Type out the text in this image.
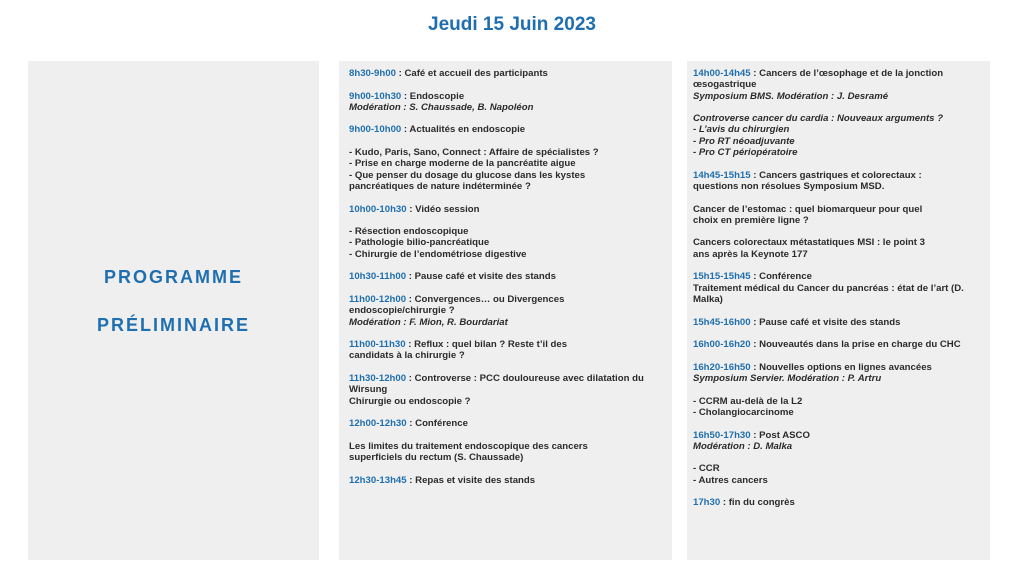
Jeudi 15 Juin 2023
PROGRAMME
PRÉLIMINAIRE
8h30-9h00 : Café et accueil des participants
9h00-10h30 : Endoscopie
Modération : S. Chaussade, B. Napoléon
9h00-10h00 : Actualités en endoscopie
- Kudo, Paris, Sano, Connect : Affaire de spécialistes ?
- Prise en charge moderne de la pancréatite aigue
- Que penser du dosage du glucose dans les kystes
pancréatiques de nature indéterminée ?
10h00-10h30 : Vidéo session
- Résection endoscopique
- Pathologie bilio-pancréatique
- Chirurgie de l’endométriose digestive
10h30-11h00 : Pause café et visite des stands
11h00-12h00 : Convergences… ou Divergences
endoscopie/chirurgie ?
Modération : F. Mion, R. Bourdariat
11h00-11h30 : Reflux : quel bilan ? Reste t’il des
candidats à la chirurgie ?
11h30-12h00 : Controverse : PCC douloureuse avec dilatation du
Wirsung
Chirurgie ou endoscopie ?
12h00-12h30 : Conférence
Les limites du traitement endoscopique des cancers
superficiels du rectum (S. Chaussade)
12h30-13h45 : Repas et visite des stands
14h00-14h45 : Cancers de l’œsophage et de la jonction
œsogastrique
Symposium BMS. Modération : J. Desramé
Controverse cancer du cardia : Nouveaux arguments ?
- L’avis du chirurgien
- Pro RT néoadjuvante
- Pro CT périopératoire
14h45-15h15 : Cancers gastriques et colorectaux :
questions non résolues Symposium MSD.
Cancer de l’estomac : quel biomarqueur pour quel
choix en première ligne ?
Cancers colorectaux métastatiques MSI : le point 3
ans après la Keynote 177
15h15-15h45 : Conférence
Traitement médical du Cancer du pancréas : état de l’art (D.
Malka)
15h45-16h00 : Pause café et visite des stands
16h00-16h20 : Nouveautés dans la prise en charge du CHC
16h20-16h50 : Nouvelles options en lignes avancées
Symposium Servier. Modération : P. Artru
- CCRM au-delà de la L2
- Cholangiocarcinome
16h50-17h30 : Post ASCO
Modération : D. Malka
- CCR
- Autres cancers
17h30 : fin du congrès
